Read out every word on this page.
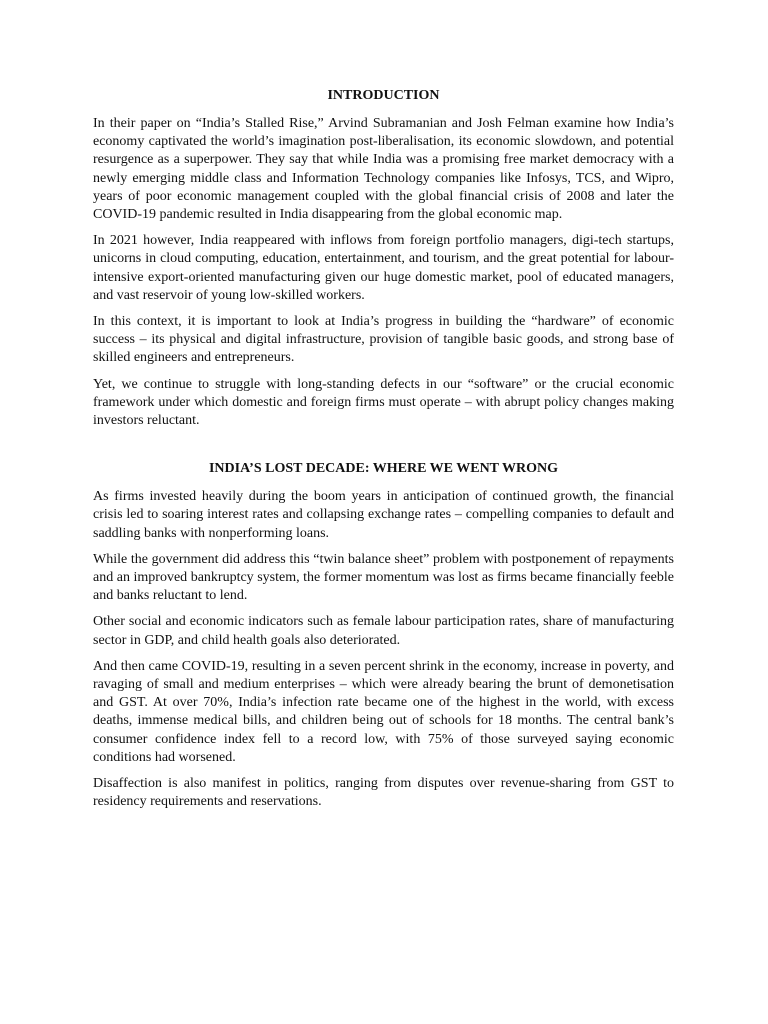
INTRODUCTION

In their paper on “India’s Stalled Rise,” Arvind Subramanian and Josh Felman examine how India’s economy captivated the world’s imagination post-liberalisation, its economic slowdown, and potential resurgence as a superpower. They say that while India was a promising free market democracy with a newly emerging middle class and Information Technology companies like Infosys, TCS, and Wipro, years of poor economic management coupled with the global financial crisis of 2008 and later the COVID-19 pandemic resulted in India disappearing from the global economic map.

In 2021 however, India reappeared with inflows from foreign portfolio managers, digi-tech startups, unicorns in cloud computing, education, entertainment, and tourism, and the great potential for labour-intensive export-oriented manufacturing given our huge domestic market, pool of educated managers, and vast reservoir of young low-skilled workers.

In this context, it is important to look at India’s progress in building the “hardware” of economic success – its physical and digital infrastructure, provision of tangible basic goods, and strong base of skilled engineers and entrepreneurs.

Yet, we continue to struggle with long-standing defects in our “software” or the crucial economic framework under which domestic and foreign firms must operate – with abrupt policy changes making investors reluctant.

INDIA’S LOST DECADE: WHERE WE WENT WRONG

As firms invested heavily during the boom years in anticipation of continued growth, the financial crisis led to soaring interest rates and collapsing exchange rates – compelling companies to default and saddling banks with nonperforming loans.

While the government did address this “twin balance sheet” problem with postponement of repayments and an improved bankruptcy system, the former momentum was lost as firms became financially feeble and banks reluctant to lend.

Other social and economic indicators such as female labour participation rates, share of manufacturing sector in GDP, and child health goals also deteriorated.

And then came COVID-19, resulting in a seven percent shrink in the economy, increase in poverty, and ravaging of small and medium enterprises – which were already bearing the brunt of demonetisation and GST. At over 70%, India’s infection rate became one of the highest in the world, with excess deaths, immense medical bills, and children being out of schools for 18 months. The central bank’s consumer confidence index fell to a record low, with 75% of those surveyed saying economic conditions had worsened.

Disaffection is also manifest in politics, ranging from disputes over revenue-sharing from GST to residency requirements and reservations.
